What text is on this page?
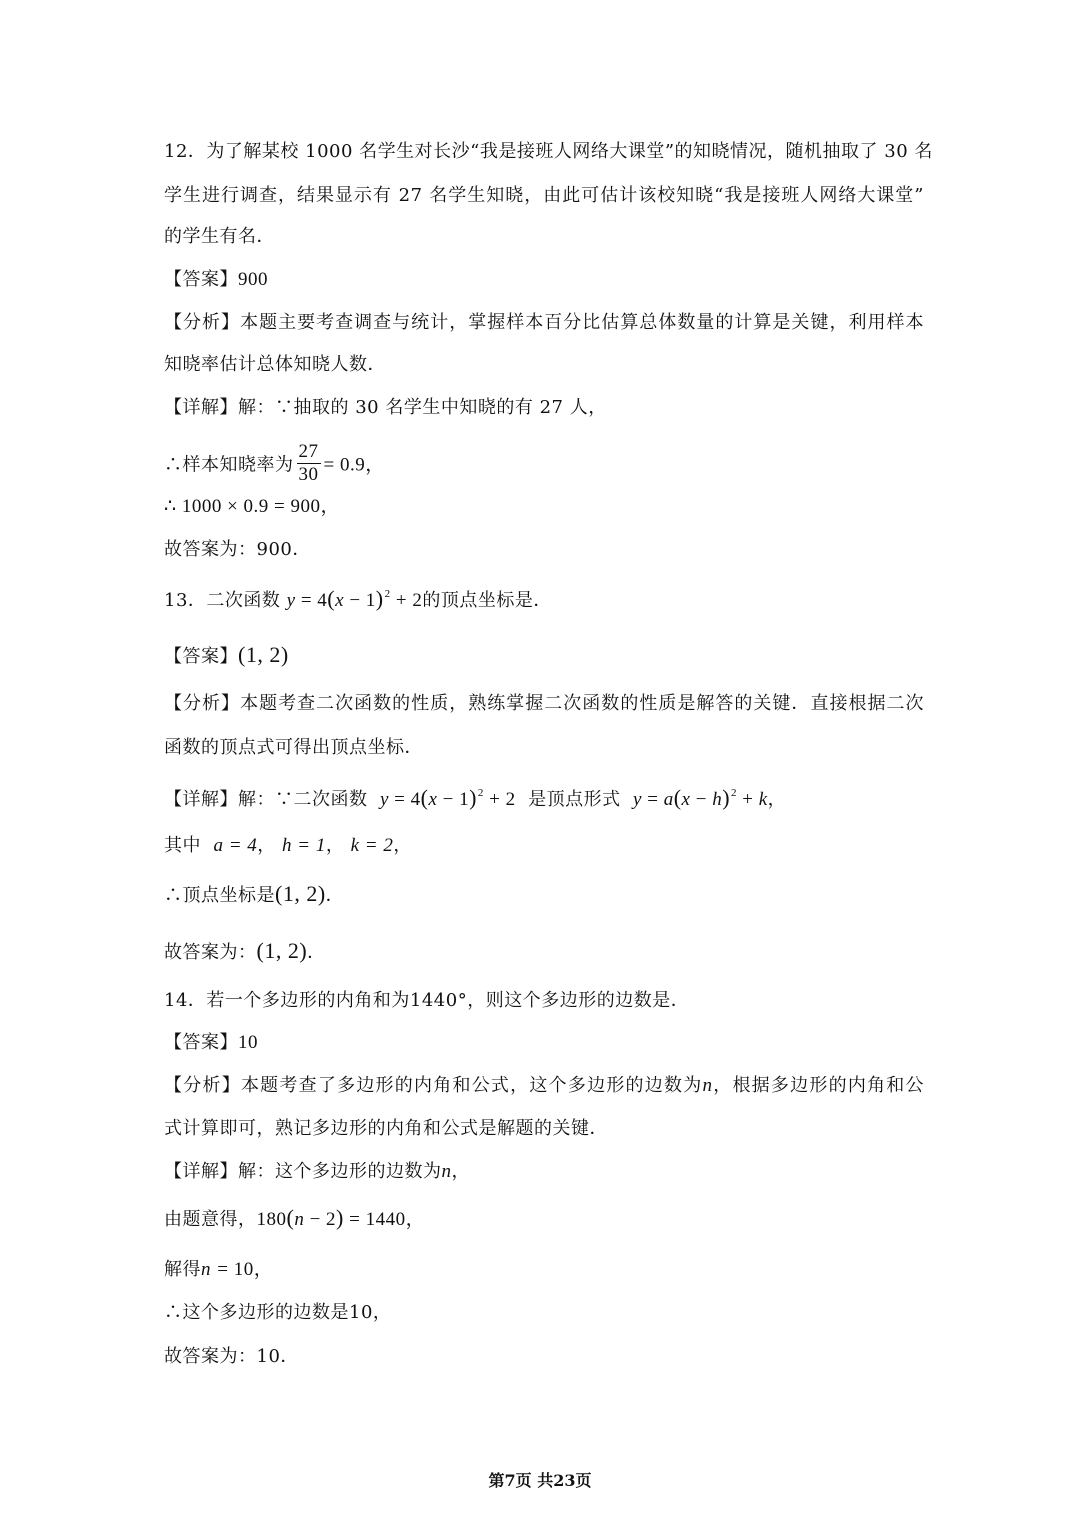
12．为了解某校 1000 名学生对长沙“我是接班人网络大课堂”的知晓情况，随机抽取了 30 名
学生进行调查，结果显示有 27 名学生知晓，由此可估计该校知晓“我是接班人网络大课堂”
的学生有名．
【答案】900
【分析】本题主要考查调查与统计，掌握样本百分比估算总体数量的计算是关键，利用样本
知晓率估计总体知晓人数．
【详解】解：∵抽取的 30 名学生中知晓的有 27 人，
∴样本知晓率为 $\frac{27}{30} = 0.9$，
∴ 1000 × 0.9 = 900，
故答案为：900．
13．二次函数 $y = 4(x - 1)^2 + 2$的顶点坐标是．
【答案】(1, 2)
【分析】本题考查二次函数的性质，熟练掌握二次函数的性质是解答的关键．直接根据二次
函数的顶点式可得出顶点坐标．
【详解】解：∵二次函数 $y = 4(x - 1)^2 + 2$ 是顶点形式 $y = a(x - h)^2 + k$，
其中 a = 4， h = 1， k = 2，
∴顶点坐标是(1, 2)．
故答案为：(1, 2)．
14．若一个多边形的内角和为1440°，则这个多边形的边数是．
【答案】10
【分析】本题考查了多边形的内角和公式，这个多边形的边数为n，根据多边形的内角和公
式计算即可，熟记多边形的内角和公式是解题的关键．
【详解】解：这个多边形的边数为n，
由题意得，180(n − 2) = 1440，
解得n = 10，
∴这个多边形的边数是10，
故答案为：10．
第7页 共23页
